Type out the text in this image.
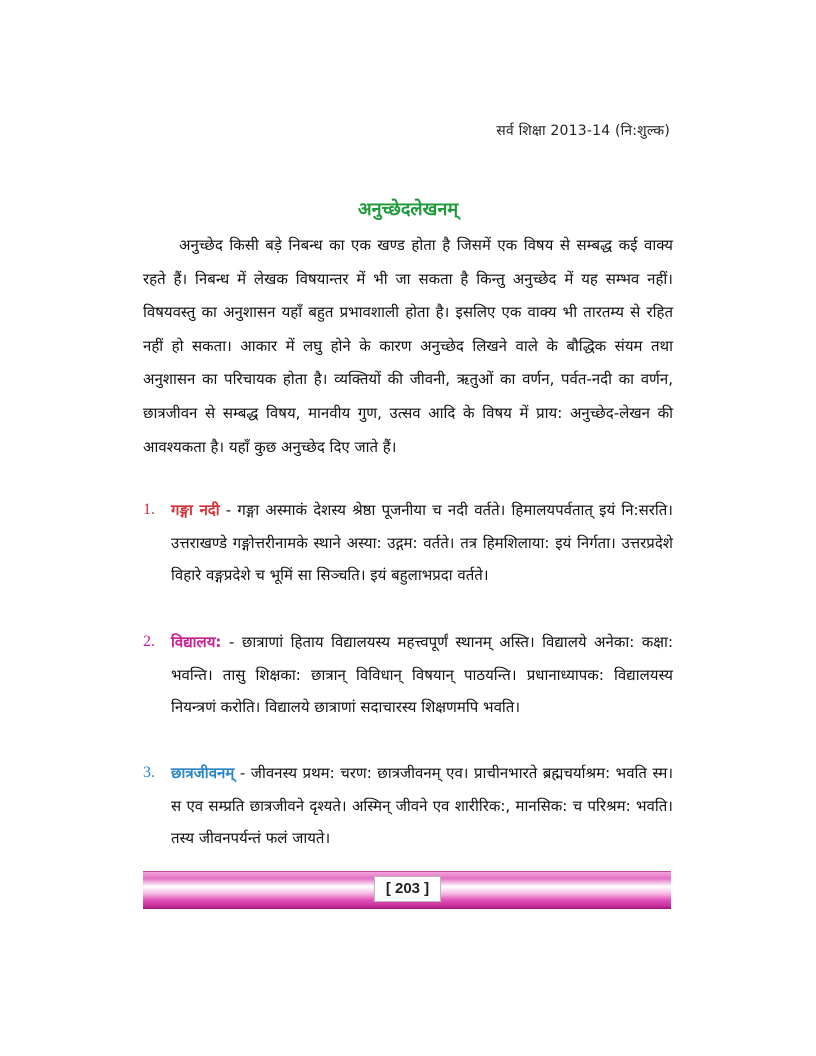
सर्व शिक्षा 2013-14 (नि:शुल्क)
अनुच्छेदलेखनम्

अनुच्छेद किसी बड़े निबन्ध का एक खण्ड होता है जिसमें एक विषय से सम्बद्ध कई वाक्य रहते हैं। निबन्ध में लेखक विषयान्तर में भी जा सकता है किन्तु अनुच्छेद में यह सम्भव नहीं। विषयवस्तु का अनुशासन यहाँ बहुत प्रभावशाली होता है। इसलिए एक वाक्य भी तारतम्य से रहित नहीं हो सकता। आकार में लघु होने के कारण अनुच्छेद लिखने वाले के बौद्धिक संयम तथा अनुशासन का परिचायक होता है। व्यक्तियों की जीवनी, ऋतुओं का वर्णन, पर्वत-नदी का वर्णन, छात्रजीवन से सम्बद्ध विषय, मानवीय गुण, उत्सव आदि के विषय में प्राय: अनुच्छेद-लेखन की आवश्यकता है। यहाँ कुछ अनुच्छेद दिए जाते हैं।

1.	गङ्गा नदी - गङ्गा अस्माकं देशस्य श्रेष्ठा पूजनीया च नदी वर्तते। हिमालयपर्वतात् इयं नि:सरति। उत्तराखण्डे गङ्गोत्तरीनामके स्थाने अस्या: उद्गम: वर्तते। तत्र हिमशिलाया: इयं निर्गता। उत्तरप्रदेशे विहारे वङ्गप्रदेशे च भूमिं सा सिञ्चति। इयं बहुलाभप्रदा वर्तते।
2.	विद्यालय: - छात्राणां हिताय विद्यालयस्य महत्त्वपूर्णं स्थानम् अस्ति। विद्यालये अनेका: कक्षा: भवन्ति। तासु शिक्षका: छात्रान् विविधान् विषयान् पाठयन्ति। प्रधानाध्यापक: विद्यालयस्य नियन्त्रणं करोति। विद्यालये छात्राणां सदाचारस्य शिक्षणमपि भवति।
3.	छात्रजीवनम् - जीवनस्य प्रथम: चरण: छात्रजीवनम् एव। प्राचीनभारते ब्रह्मचर्याश्रम: भवति स्म। स एव सम्प्रति छात्रजीवने दृश्यते। अस्मिन् जीवने एव शारीरिक:, मानसिक: च परिश्रम: भवति। तस्य जीवनपर्यन्तं फलं जायते।
[ 203 ]
